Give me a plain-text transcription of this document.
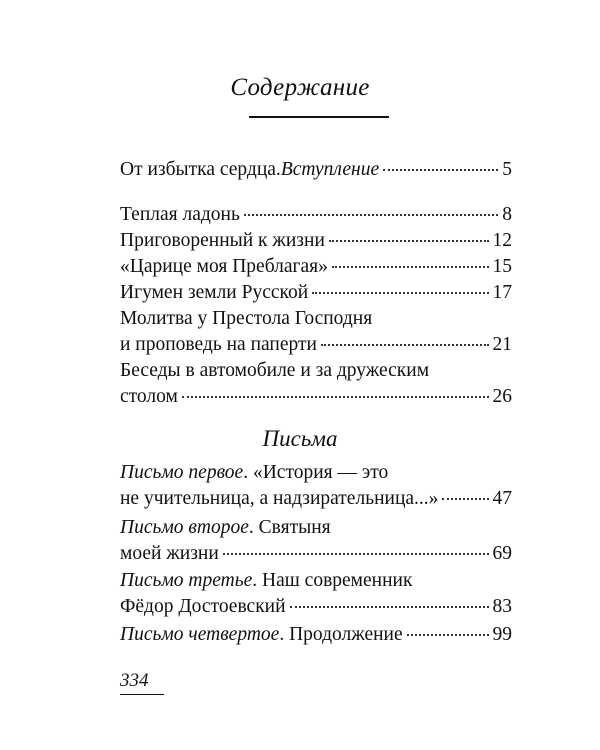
Содержание
От избытка сердца. Вступление	5
Теплая ладонь	8
Приговоренный к жизни	12
«Царице моя Преблагая»	15
Игумен земли Русской	17
Молитва у Престола Господня
и проповедь на паперти	21
Беседы в автомобиле и за дружеским
столом	26
Письма
Письмо первое . «История — это
не учительница, а надзирательница...»	47
Письмо второе . Святыня
моей жизни	69
Письмо третье . Наш современник
Фёдор Достоевский	83
Письмо четвертое . Продолжение	99
334
